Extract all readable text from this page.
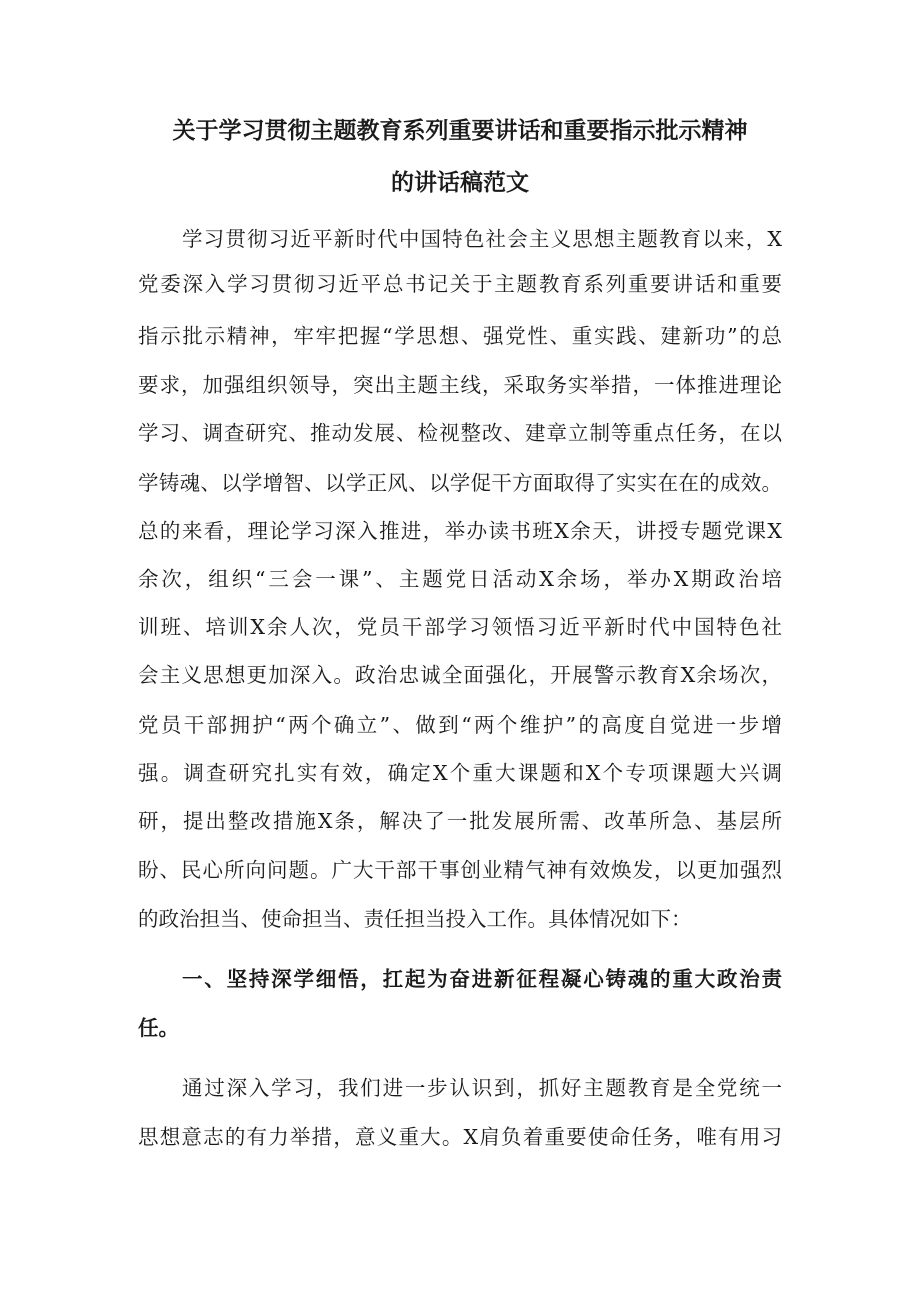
关于学习贯彻主题教育系列重要讲话和重要指示批示精神
的讲话稿范文

学习贯彻习近平新时代中国特色社会主义思想主题教育以来，X

党委深入学习贯彻习近平总书记关于主题教育系列重要讲话和重要

指示批示精神，牢牢把握“学思想、强党性、重实践、建新功”的总

要求，加强组织领导，突出主题主线，采取务实举措，一体推进理论

学习、调查研究、推动发展、检视整改、建章立制等重点任务，在以

学铸魂、以学增智、以学正风、以学促干方面取得了实实在在的成效。

总的来看，理论学习深入推进，举办读书班X余天，讲授专题党课X

余次，组织“三会一课”、主题党日活动X余场，举办X期政治培

训班、培训X余人次，党员干部学习领悟习近平新时代中国特色社

会主义思想更加深入。政治忠诚全面强化，开展警示教育X余场次，

党员干部拥护“两个确立”、做到“两个维护”的高度自觉进一步增

强。调查研究扎实有效，确定X个重大课题和X个专项课题大兴调

研，提出整改措施X条，解决了一批发展所需、改革所急、基层所

盼、民心所向问题。广大干部干事创业精气神有效焕发，以更加强烈

的政治担当、使命担当、责任担当投入工作。具体情况如下：

一、坚持深学细悟，扛起为奋进新征程凝心铸魂的重大政治责

任。

通过深入学习，我们进一步认识到，抓好主题教育是全党统一

思想意志的有力举措，意义重大。X肩负着重要使命任务，唯有用习
